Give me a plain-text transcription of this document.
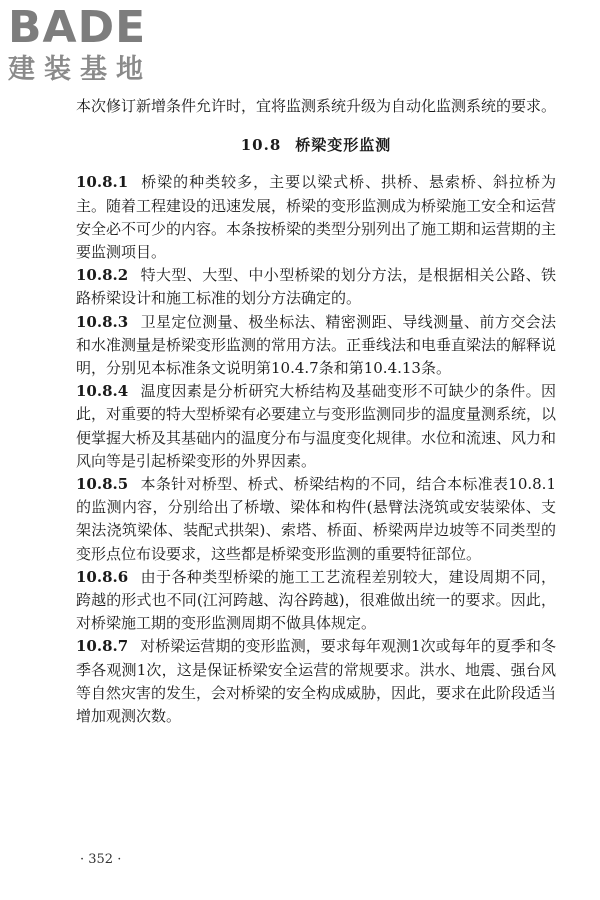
BADE
建装基地

本次修订新增条件允许时，宜将监测系统升级为自动化监测系统的要求。

10.8 桥梁变形监测

10.8.1 桥梁的种类较多，主要以梁式桥、拱桥、悬索桥、斜拉桥为主。随着工程建设的迅速发展，桥梁的变形监测成为桥梁施工安全和运营安全必不可少的内容。本条按桥梁的类型分别列出了施工期和运营期的主要监测项目。

10.8.2 特大型、大型、中小型桥梁的划分方法，是根据相关公路、铁路桥梁设计和施工标准的划分方法确定的。

10.8.3 卫星定位测量、极坐标法、精密测距、导线测量、前方交会法和水准测量是桥梁变形监测的常用方法。正垂线法和电垂直梁法的解释说明，分别见本标准条文说明第10.4.7条和第10.4.13条。

10.8.4 温度因素是分析研究大桥结构及基础变形不可缺少的条件。因此，对重要的特大型桥梁有必要建立与变形监测同步的温度量测系统，以便掌握大桥及其基础内的温度分布与温度变化规律。水位和流速、风力和风向等是引起桥梁变形的外界因素。

10.8.5 本条针对桥型、桥式、桥梁结构的不同，结合本标准表10.8.1的监测内容，分别给出了桥墩、梁体和构件(悬臂法浇筑或安装梁体、支架法浇筑梁体、装配式拱架)、索塔、桥面、桥梁两岸边坡等不同类型的变形点位布设要求，这些都是桥梁变形监测的重要特征部位。

10.8.6 由于各种类型桥梁的施工工艺流程差别较大，建设周期不同，跨越的形式也不同(江河跨越、沟谷跨越)，很难做出统一的要求。因此，对桥梁施工期的变形监测周期不做具体规定。

10.8.7 对桥梁运营期的变形监测，要求每年观测1次或每年的夏季和冬季各观测1次，这是保证桥梁安全运营的常规要求。洪水、地震、强台风等自然灾害的发生，会对桥梁的安全构成威胁，因此，要求在此阶段适当增加观测次数。

· 352 ·
